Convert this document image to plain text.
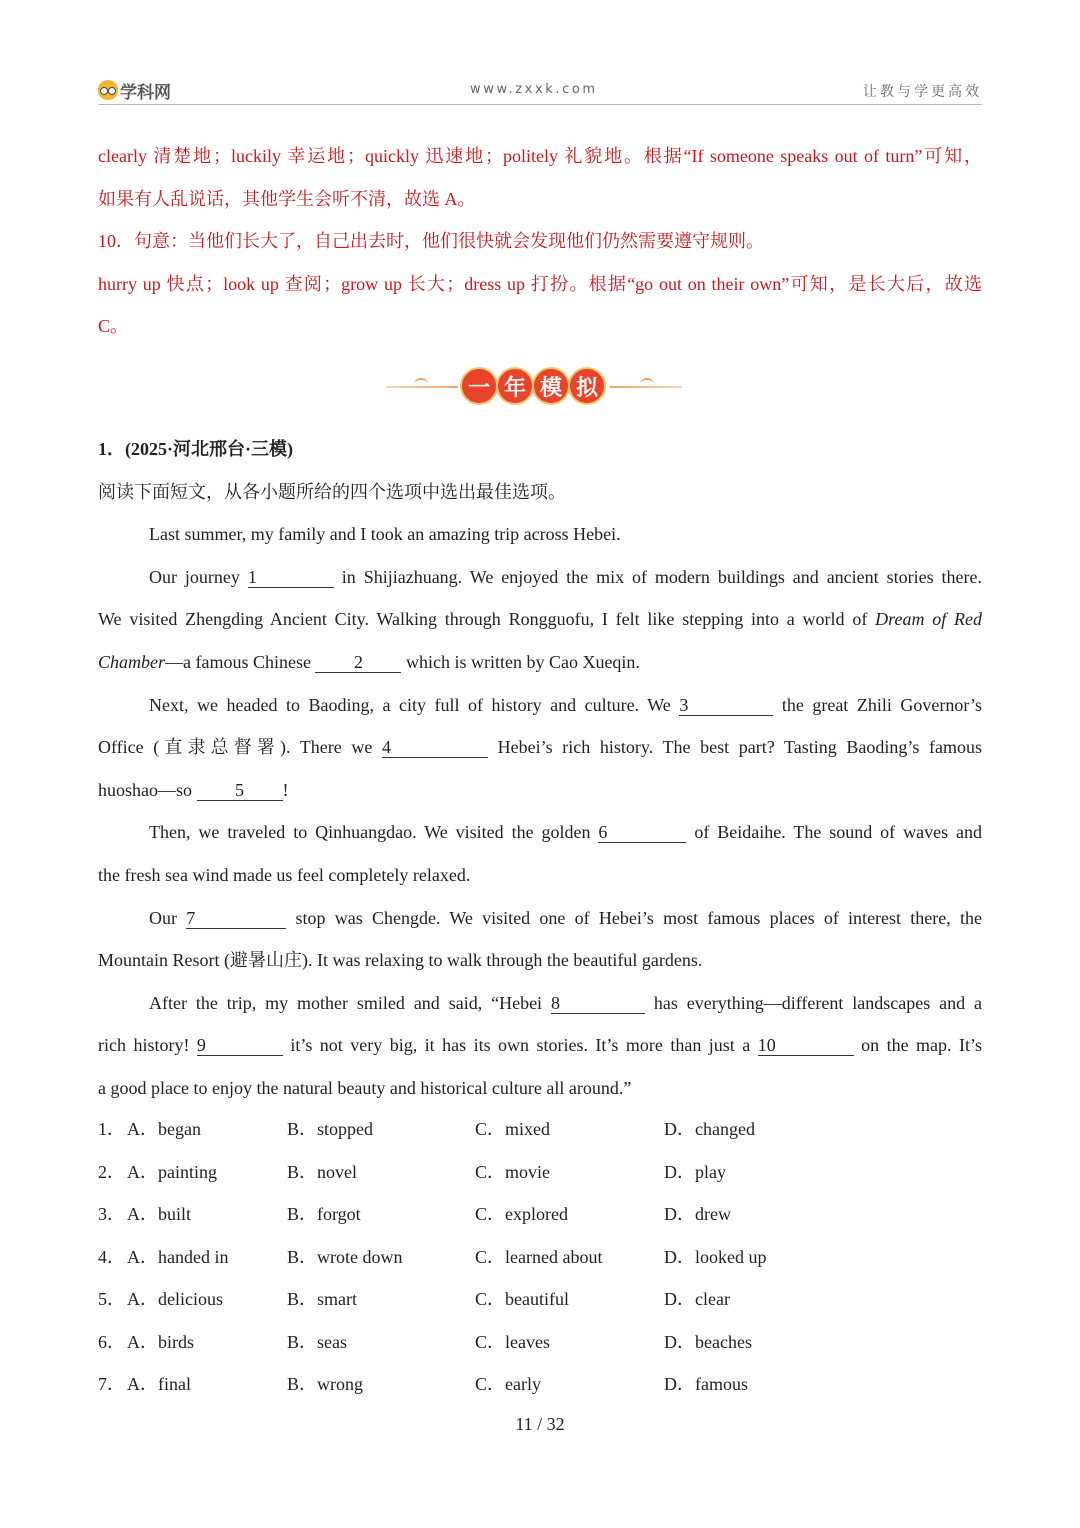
学科网	www.zxxk.com	让教与学更高效

clearly 清楚地；luckily 幸运地；quickly 迅速地；politely 礼貌地。根据“If someone speaks out of turn”可知，

如果有人乱说话，其他学生会听不清，故选 A。

10．句意：当他们长大了，自己出去时，他们很快就会发现他们仍然需要遵守规则。

hurry up 快点；look up 查阅；grow up 长大；dress up 打扮。根据“go out on their own”可知，是长大后，故选

C。

一 年 模 拟

1．(2025·河北邢台·三模)

阅读下面短文，从各小题所给的四个选项中选出最佳选项。

Last summer, my family and I took an amazing trip across Hebei.

Our journey 1	in Shijiazhuang. We enjoyed the mix of modern buildings and ancient stories there.

We visited Zhengding Ancient City. Walking through Rongguofu, I felt like stepping into a world of Dream of Red

Chamber—a famous Chinese 2 which is written by Cao Xueqin.

Next, we headed to Baoding, a city full of history and culture. We 3	the great Zhili Governor’s

Office (直隶总督署). There we 4	Hebei’s rich history. The best part? Tasting Baoding’s famous

huoshao—so 5 !

Then, we traveled to Qinhuangdao. We visited the golden 6	of Beidaihe. The sound of waves and

the fresh sea wind made us feel completely relaxed.

Our 7	stop was Chengde. We visited one of Hebei’s most famous places of interest there, the

Mountain Resort (避暑山庄). It was relaxing to walk through the beautiful gardens.

After the trip, my mother smiled and said, “Hebei 8	has everything—different landscapes and a

rich history! 9	it’s not very big, it has its own stories. It’s more than just a 10	on the map. It’s

a good place to enjoy the natural beauty and historical culture all around.”

1． A．began	B．stopped	C．mixed	D．changed
2． A．painting	B．novel	C．movie	D．play
3． A．built	B．forgot	C．explored	D．drew
4． A．handed in	B．wrote down	C．learned about	D．looked up
5． A．delicious	B．smart	C．beautiful	D．clear
6． A．birds	B．seas	C．leaves	D．beaches
7． A．final	B．wrong	C．early	D．famous
11 / 32
